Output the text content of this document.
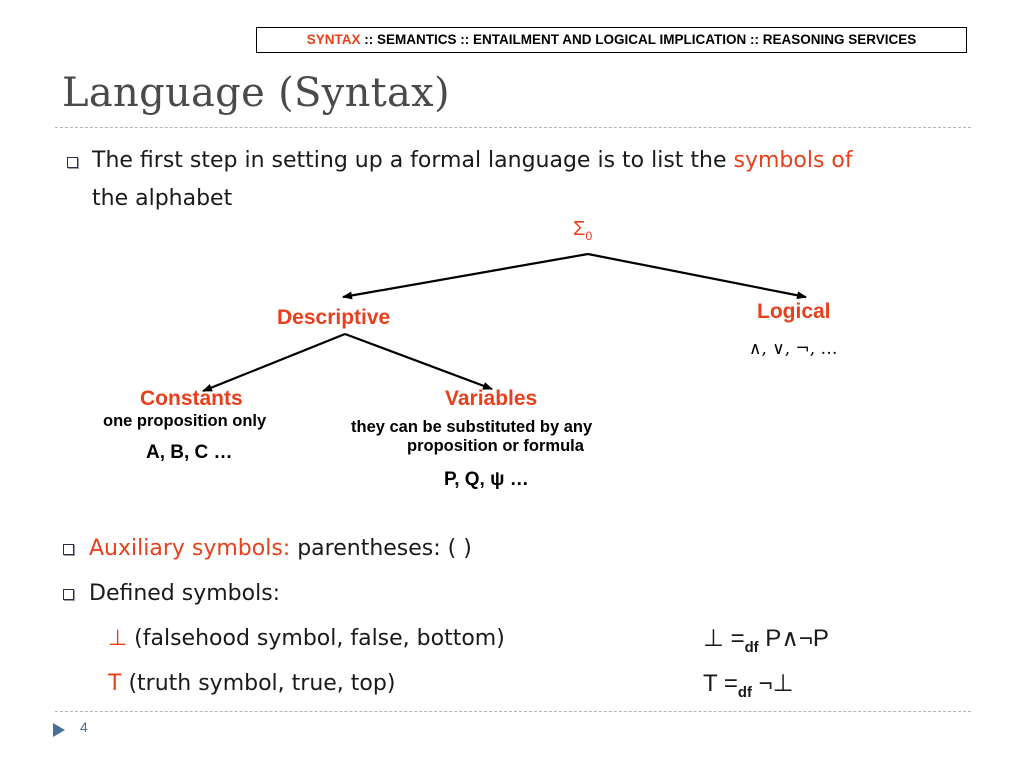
SYNTAX :: SEMANTICS :: ENTAILMENT AND LOGICAL IMPLICATION :: REASONING SERVICES
Language (Syntax)
The first step in setting up a formal language is to list the symbols of
the alphabet
$\Sigma_0$
Descriptive	Logical
∧, ∨, ¬, …
Constants
one proposition only
A, B, C …
Variables
they can be substituted by any
proposition or formula
P, Q, ψ …
Auxiliary symbols: parentheses: ( )
Defined symbols:
⊥ (falsehood symbol, false, bottom)	⊥ $=_{df}$ P∧¬P
T (truth symbol, true, top)	$T =_{df}$ ¬⊥
4
